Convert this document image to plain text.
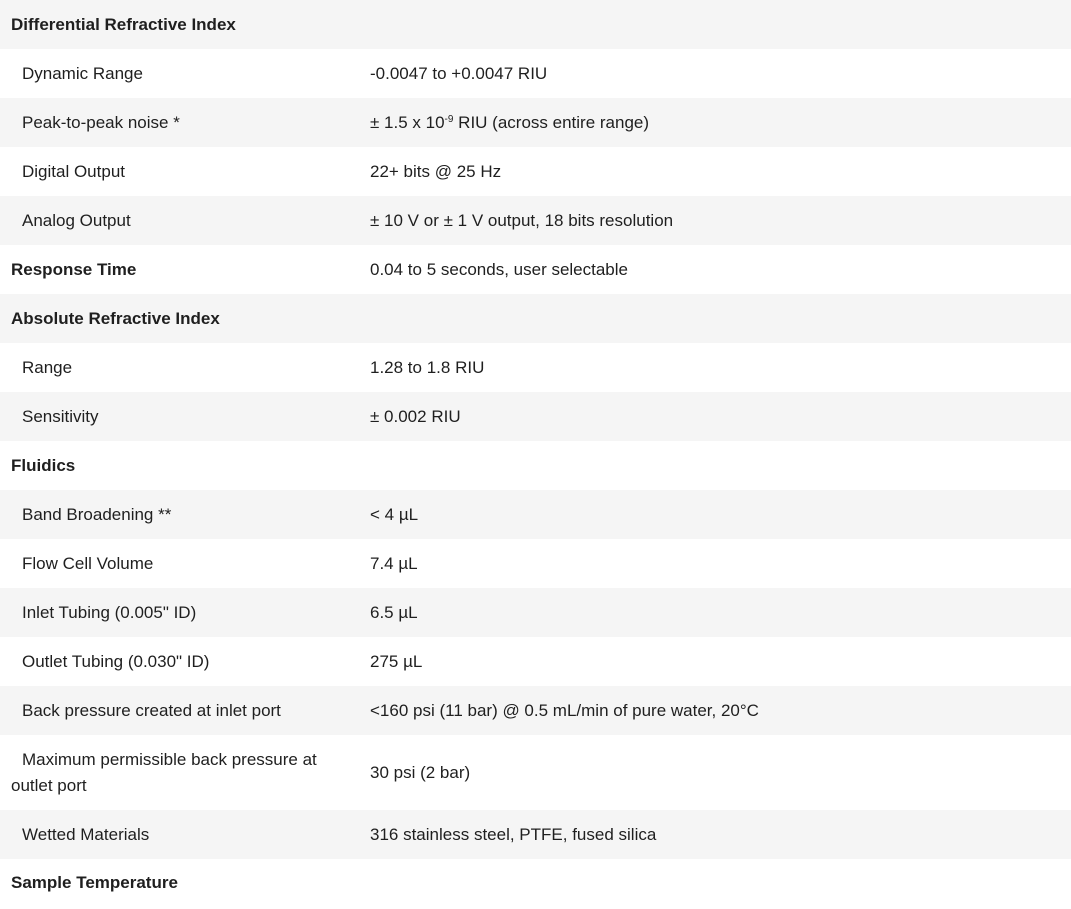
Differential Refractive Index	
Dynamic Range	-0.0047 to +0.0047 RIU
Peak-to-peak noise *	± 1.5 x $10^{-9}$ RIU (across entire range)
Digital Output	22+ bits @ 25 Hz
Analog Output	± 10 V or ± 1 V output, 18 bits resolution
Response Time	0.04 to 5 seconds, user selectable
Absolute Refractive Index	
Range	1.28 to 1.8 RIU
Sensitivity	± 0.002 RIU
Fluidics	
Band Broadening **	< 4 µL
Flow Cell Volume	7.4 µL
Inlet Tubing (0.005" ID)	6.5 µL
Outlet Tubing (0.030" ID)	275 µL
Back pressure created at inlet port	<160 psi (11 bar) @ 0.5 mL/min of pure water, 20°C
Maximum permissible back pressure at outlet port	30 psi (2 bar)
Wetted Materials	316 stainless steel, PTFE, fused silica
Sample Temperature	
